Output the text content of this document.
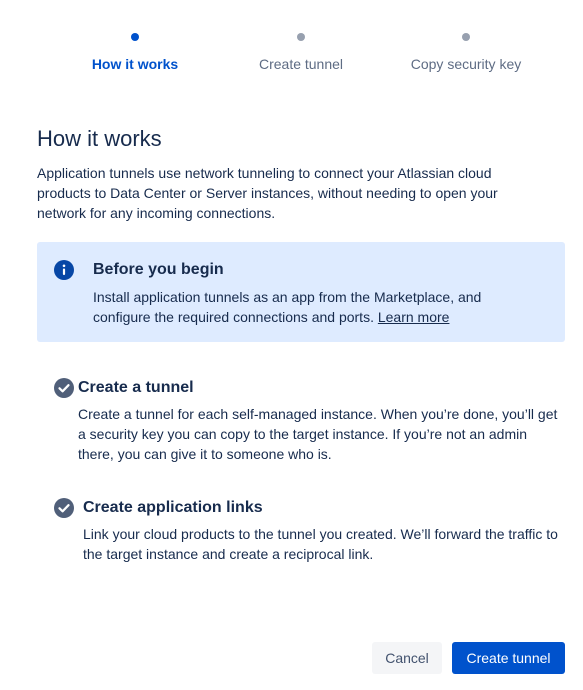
How it works	Create tunnel	Copy security key
How it works

Application tunnels use network tunneling to connect your Atlassian cloud products to Data Center or Server instances, without needing to open your network for any incoming connections.

Before you begin
Install application tunnels as an app from the Marketplace, and configure the required connections and ports. Learn more
Create a tunnel
Create a tunnel for each self-managed instance. When you’re done, you’ll get a security key you can copy to the target instance. If you’re not an admin there, you can give it to someone who is.
Create application links
Link your cloud products to the tunnel you created. We’ll forward the traffic to the target instance and create a reciprocal link.
Cancel	Create tunnel
